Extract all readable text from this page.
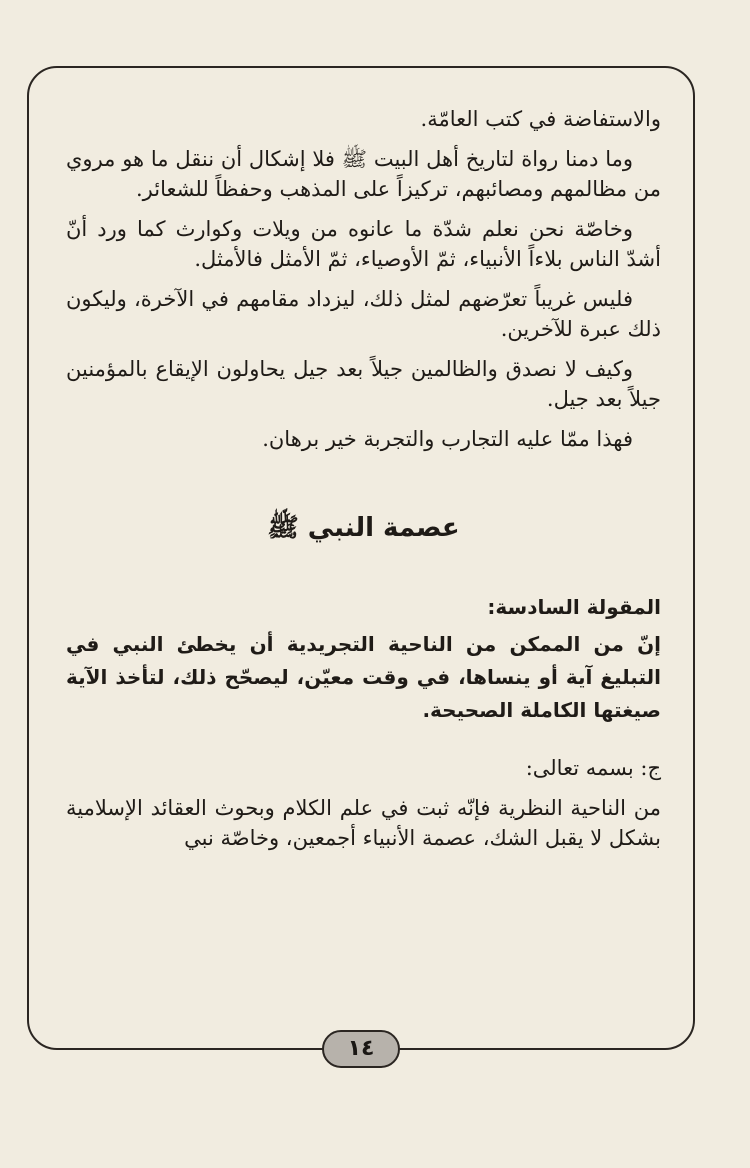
والاستفاضة في كتب العامّة.

وما دمنا رواة لتاريخ أهل البيت ﷺ فلا إشكال أن ننقل ما هو مروي من مظالمهم ومصائبهم، تركيزاً على المذهب وحفظاً للشعائر.

وخاصّة نحن نعلم شدّة ما عانوه من ويلات وكوارث كما ورد أنّ أشدّ الناس بلاءاً الأنبياء، ثمّ الأوصياء، ثمّ الأمثل فالأمثل.

فليس غريباً تعرّضهم لمثل ذلك، ليزداد مقامهم في الآخرة، وليكون ذلك عبرة للآخرين.

وكيف لا نصدق والظالمين جيلاً بعد جيل يحاولون الإيقاع بالمؤمنين جيلاً بعد جيل.

فهذا ممّا عليه التجارب والتجربة خير برهان.

عصمة النبي ﷺ

المقولة السادسة:

إنّ من الممكن من الناحية التجريدية أن يخطئ النبي في التبليغ آية أو ينساها، في وقت معيّن، ليصحّح ذلك، لتأخذ الآية صيغتها الكاملة الصحيحة.

ج: بسمه تعالى:

من الناحية النظرية فإنّه ثبت في علم الكلام وبحوث العقائد الإسلامية بشكل لا يقبل الشك، عصمة الأنبياء أجمعين، وخاصّة نبي

١٤
